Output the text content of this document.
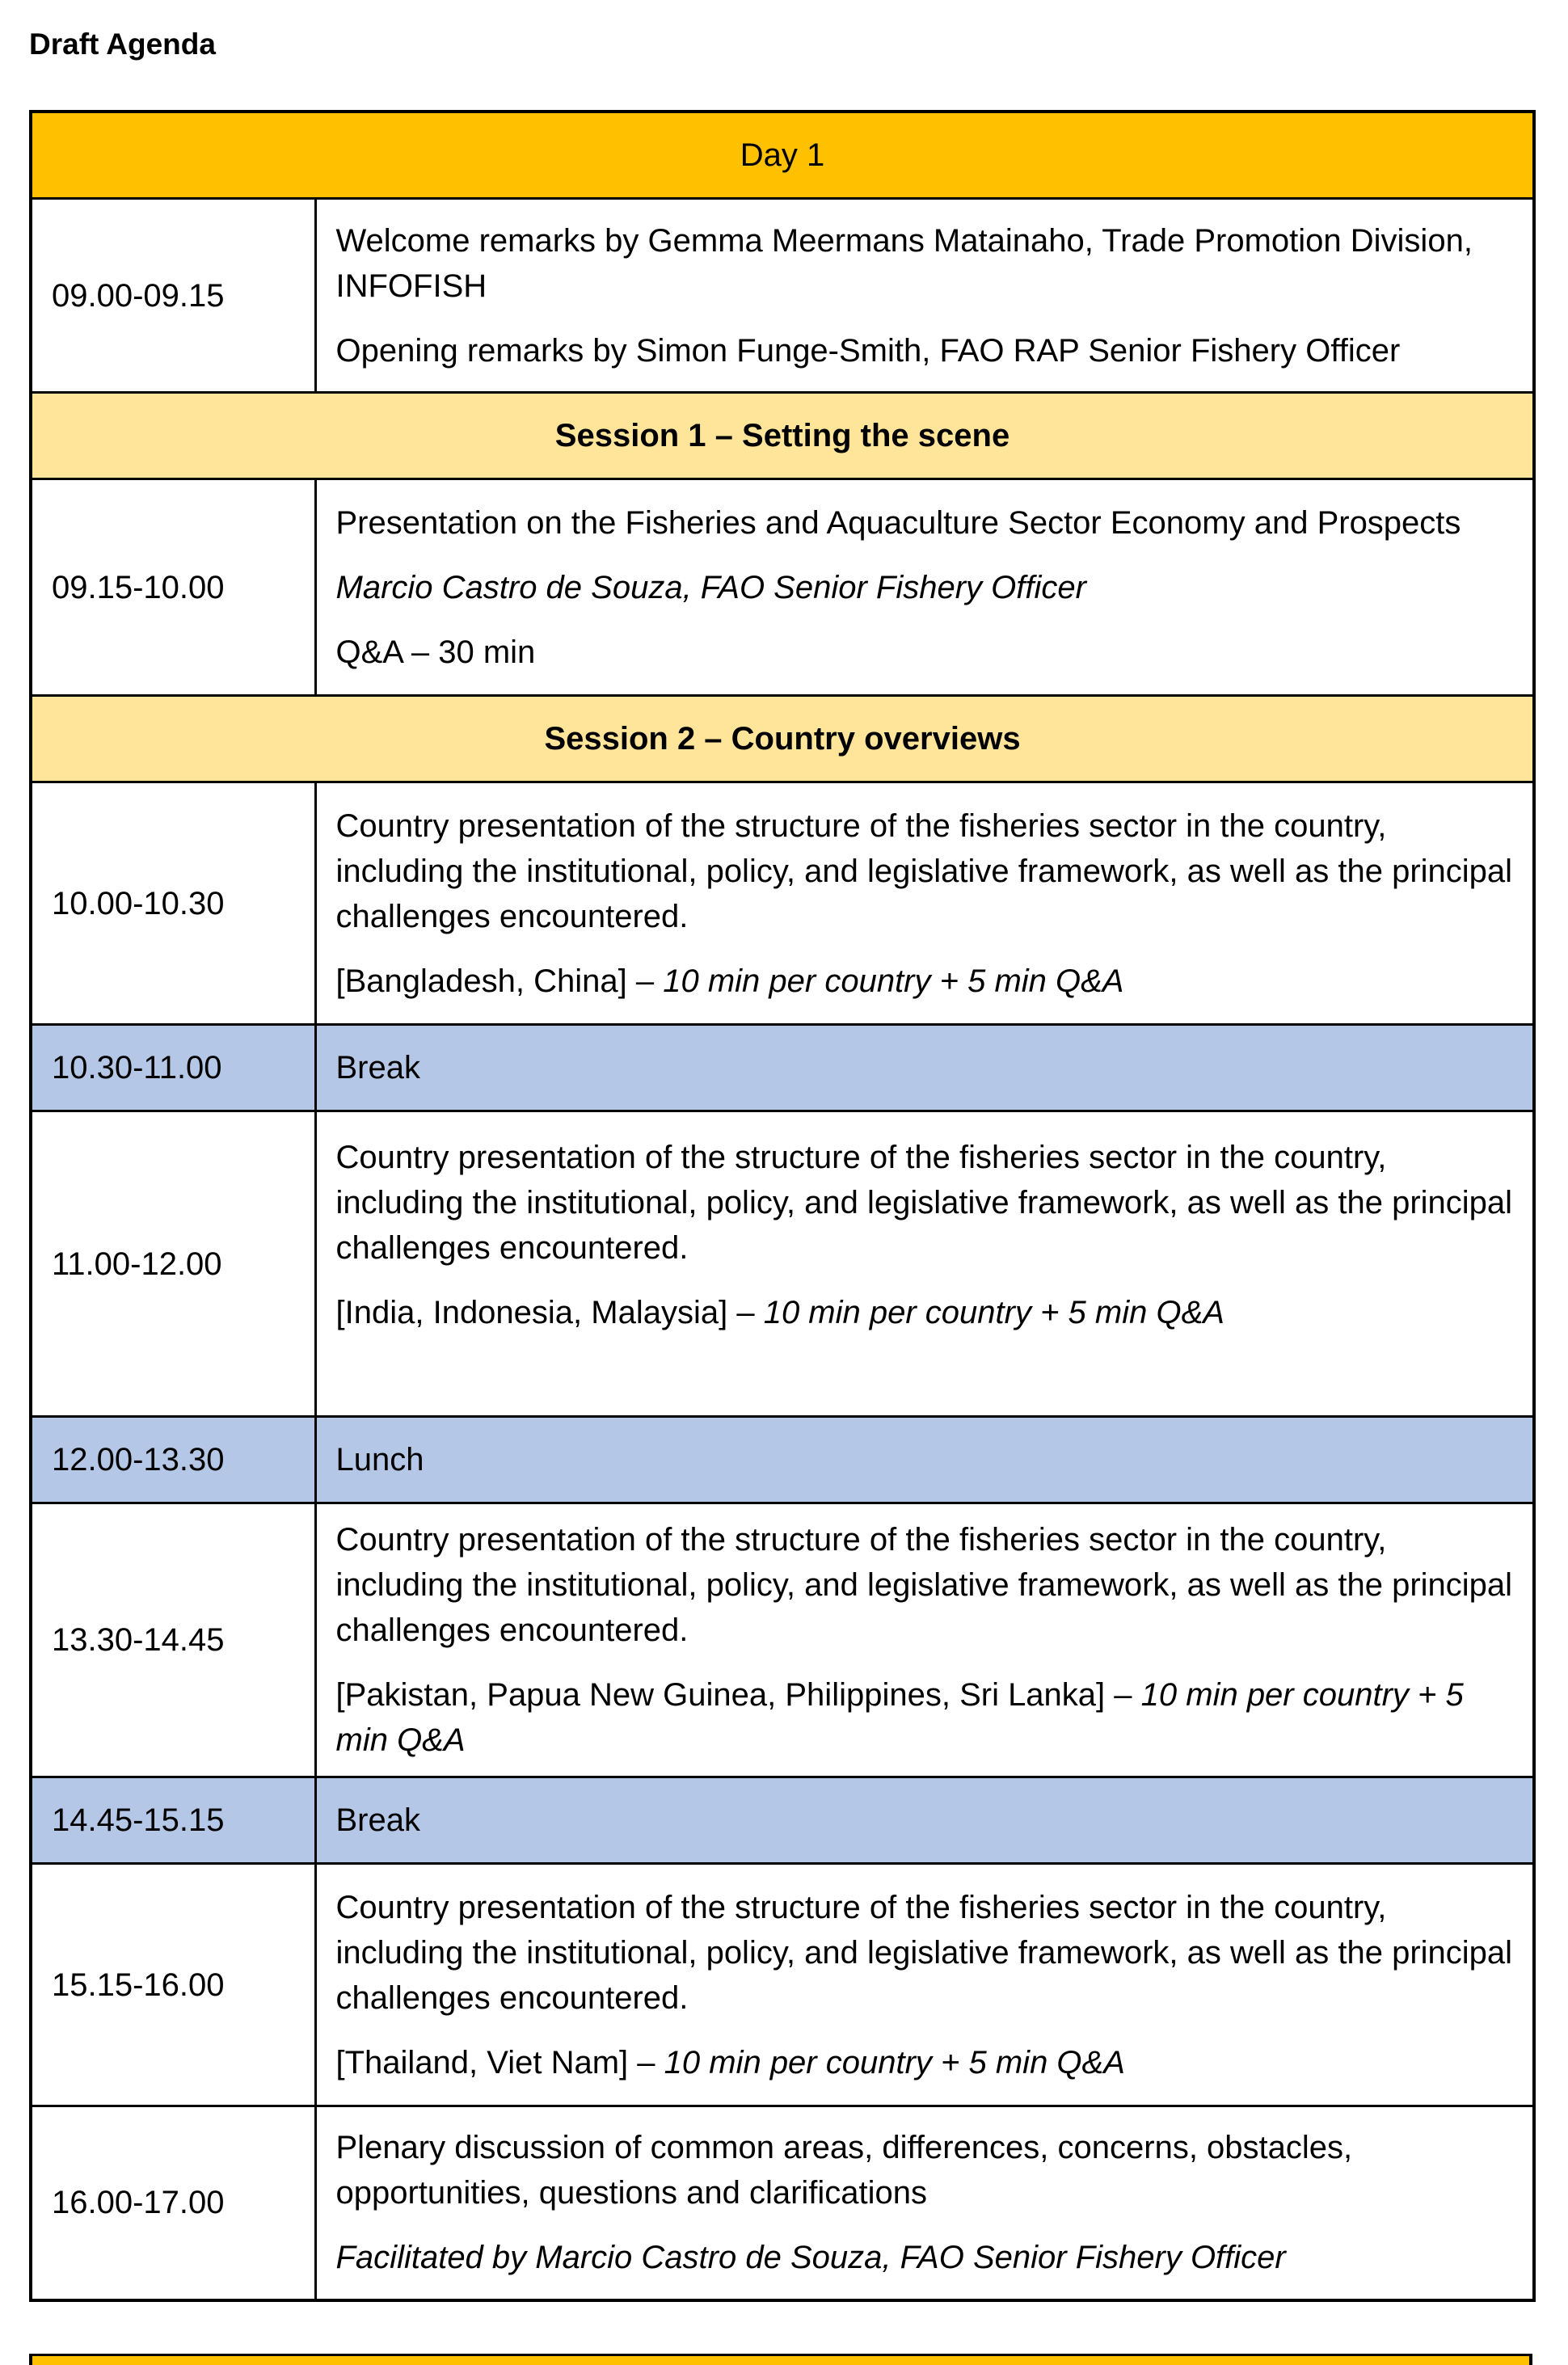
Draft Agenda
Day 1	
09.00-09.15	Welcome remarks by Gemma Meermans Matainaho, Trade Promotion Division, INFOFISH

Opening remarks by Simon Funge-Smith, FAO RAP Senior Fishery Officer

Session 1 – Setting the scene	
09.15-10.00	Presentation on the Fisheries and Aquaculture Sector Economy and Prospects

Marcio Castro de Souza, FAO Senior Fishery Officer

Q&A – 30 min

Session 2 – Country overviews	
10.00-10.30	Country presentation of the structure of the fisheries sector in the country, including the institutional, policy, and legislative framework, as well as the principal challenges encountered.

[Bangladesh, China] – 10 min per country + 5 min Q&A

10.30-11.00	Break
11.00-12.00	Country presentation of the structure of the fisheries sector in the country, including the institutional, policy, and legislative framework, as well as the principal challenges encountered.

[India, Indonesia, Malaysia] – 10 min per country + 5 min Q&A

12.00-13.30	Lunch
13.30-14.45	Country presentation of the structure of the fisheries sector in the country, including the institutional, policy, and legislative framework, as well as the principal challenges encountered.

[Pakistan, Papua New Guinea, Philippines, Sri Lanka] – 10 min per country + 5 min Q&A

14.45-15.15	Break
15.15-16.00	Country presentation of the structure of the fisheries sector in the country, including the institutional, policy, and legislative framework, as well as the principal challenges encountered.

[Thailand, Viet Nam] – 10 min per country + 5 min Q&A

16.00-17.00	Plenary discussion of common areas, differences, concerns, obstacles, opportunities, questions and clarifications

Facilitated by Marcio Castro de Souza, FAO Senior Fishery Officer
